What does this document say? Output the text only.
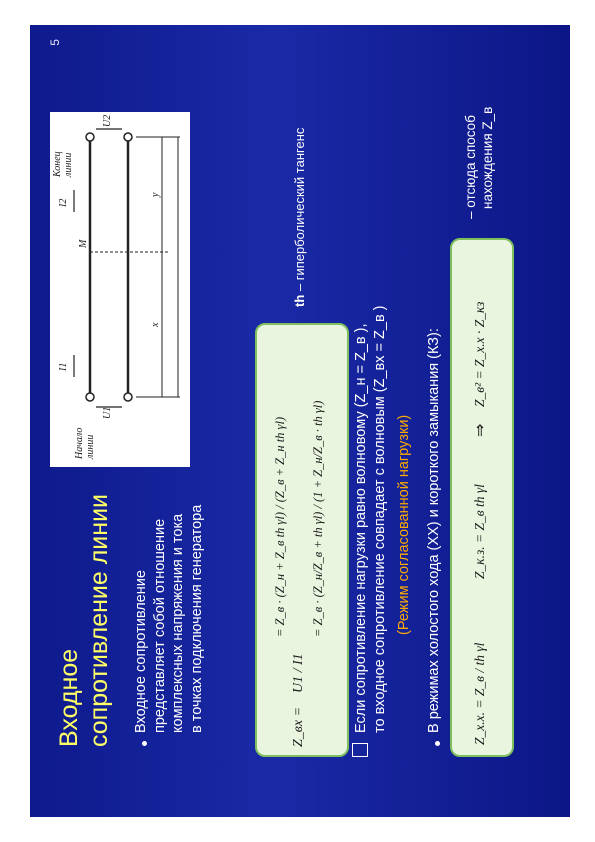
5
Входное сопротивление линии Входное сопротивление представляет собой отношение комплексных напряжения и тока в точках подключения генератора
Начало линии
Конец линии
U1
I1
U2
I2
x
y
M
Z_вх =
U1 / I1
= Z_в · (Z_н + Z_в th γl) / (Z_в + Z_н th γl) = Z_в · (Z_н/Z_в + th γl) / (1 + Z_н/Z_в · th γl)
th – гиперболический тангенс
Если сопротивление нагрузки равно волновому (Z_н = Z_в ), то входное сопротивление совпадает с волновым (Z_вх = Z_в ) (Режим согласованной нагрузки) В режимах холостого хода (ХХ) и короткого замыкания (КЗ): Z_х.х. = Z_в / th γl
Z_к.з. = Z_в th γl
⇒
Z_в² = Z_х.х · Z_кз
– отсюда способ нахождения Z_в
